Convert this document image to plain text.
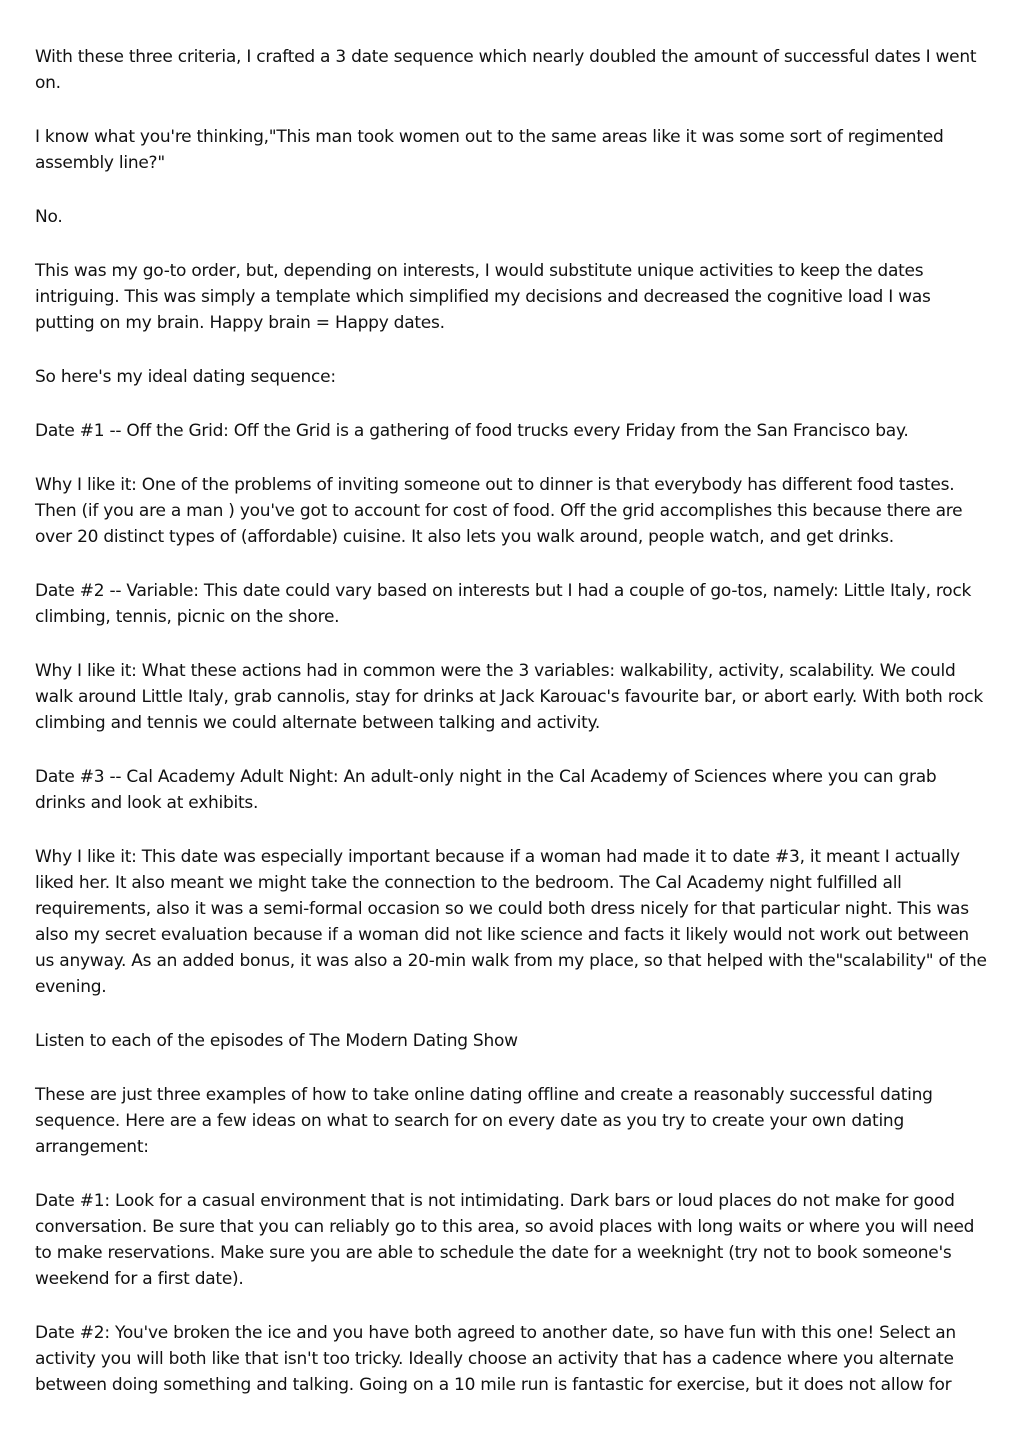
With these three criteria, I crafted a 3 date sequence which nearly doubled the amount of successful dates I went on.

I know what you're thinking,"This man took women out to the same areas like it was some sort of regimented assembly line?"

No.

This was my go-to order, but, depending on interests, I would substitute unique activities to keep the dates intriguing. This was simply a template which simplified my decisions and decreased the cognitive load I was putting on my brain. Happy brain = Happy dates.

So here's my ideal dating sequence:

Date #1 -- Off the Grid: Off the Grid is a gathering of food trucks every Friday from the San Francisco bay.

Why I like it: One of the problems of inviting someone out to dinner is that everybody has different food tastes. Then (if you are a man ) you've got to account for cost of food. Off the grid accomplishes this because there are over 20 distinct types of (affordable) cuisine. It also lets you walk around, people watch, and get drinks.

Date #2 -- Variable: This date could vary based on interests but I had a couple of go-tos, namely: Little Italy, rock climbing, tennis, picnic on the shore.

Why I like it: What these actions had in common were the 3 variables: walkability, activity, scalability. We could walk around Little Italy, grab cannolis, stay for drinks at Jack Karouac's favourite bar, or abort early. With both rock climbing and tennis we could alternate between talking and activity.

Date #3 -- Cal Academy Adult Night: An adult-only night in the Cal Academy of Sciences where you can grab drinks and look at exhibits.

Why I like it: This date was especially important because if a woman had made it to date #3, it meant I actually liked her. It also meant we might take the connection to the bedroom. The Cal Academy night fulfilled all requirements, also it was a semi-formal occasion so we could both dress nicely for that particular night. This was also my secret evaluation because if a woman did not like science and facts it likely would not work out between us anyway. As an added bonus, it was also a 20-min walk from my place, so that helped with the"scalability" of the evening.

Listen to each of the episodes of The Modern Dating Show

These are just three examples of how to take online dating offline and create a reasonably successful dating sequence. Here are a few ideas on what to search for on every date as you try to create your own dating arrangement:

Date #1: Look for a casual environment that is not intimidating. Dark bars or loud places do not make for good conversation. Be sure that you can reliably go to this area, so avoid places with long waits or where you will need to make reservations. Make sure you are able to schedule the date for a weeknight (try not to book someone's weekend for a first date).

Date #2: You've broken the ice and you have both agreed to another date, so have fun with this one! Select an activity you will both like that isn't too tricky. Ideally choose an activity that has a cadence where you alternate between doing something and talking. Going on a 10 mile run is fantastic for exercise, but it does not allow for
